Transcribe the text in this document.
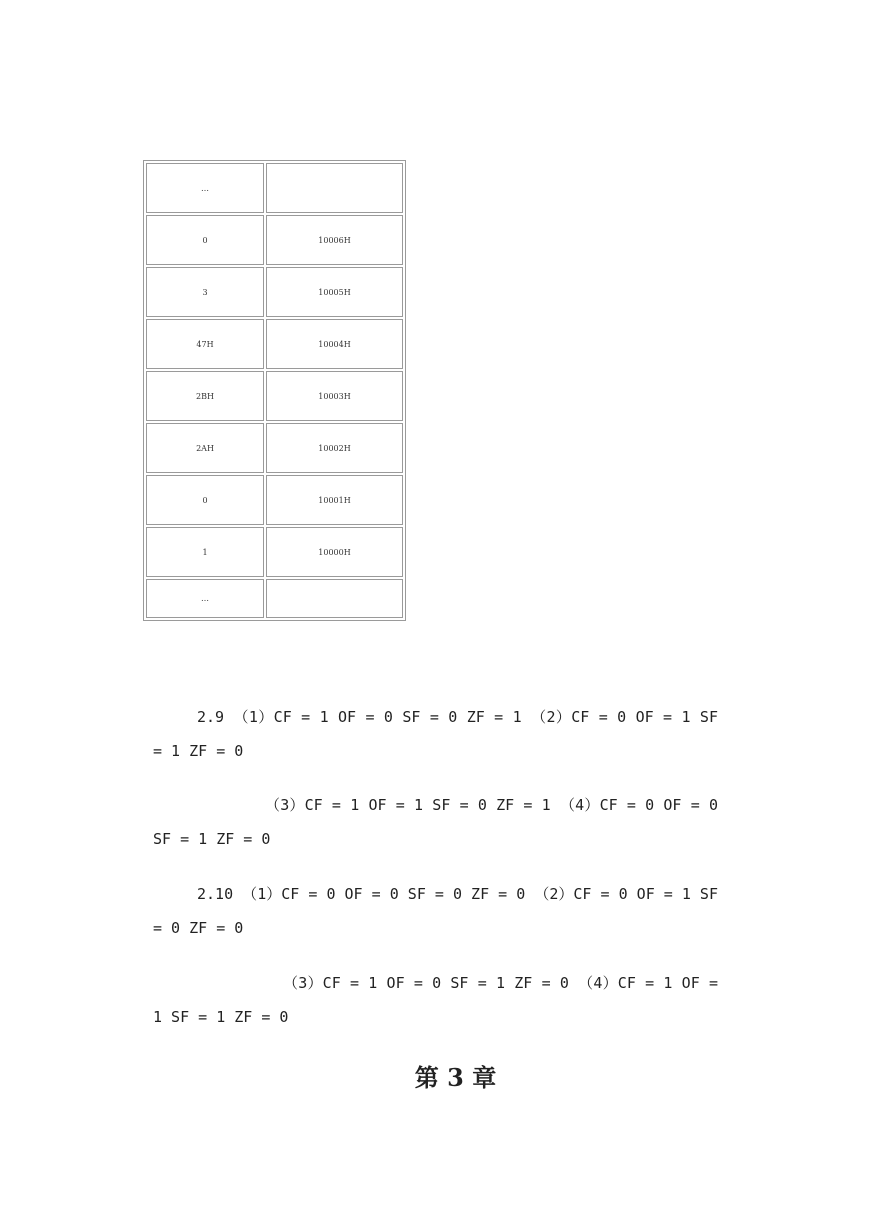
…	
0	10006H
3	10005H
47H	10004H
2BH	10003H
2AH	10002H
0	10001H
1	10000H
…	

2.9 （1）CF = 1 OF = 0 SF = 0 ZF = 1 （2）CF = 0 OF = 1 SF = 1 ZF = 0

（3）CF = 1 OF = 1 SF = 0 ZF = 1 （4）CF = 0 OF = 0 SF = 1 ZF = 0

2.10 （1）CF = 0 OF = 0 SF = 0 ZF = 0 （2）CF = 0 OF = 1 SF = 0 ZF = 0

（3）CF = 1 OF = 0 SF = 1 ZF = 0 （4）CF = 1 OF = 1 SF = 1 ZF = 0

第 3 章
